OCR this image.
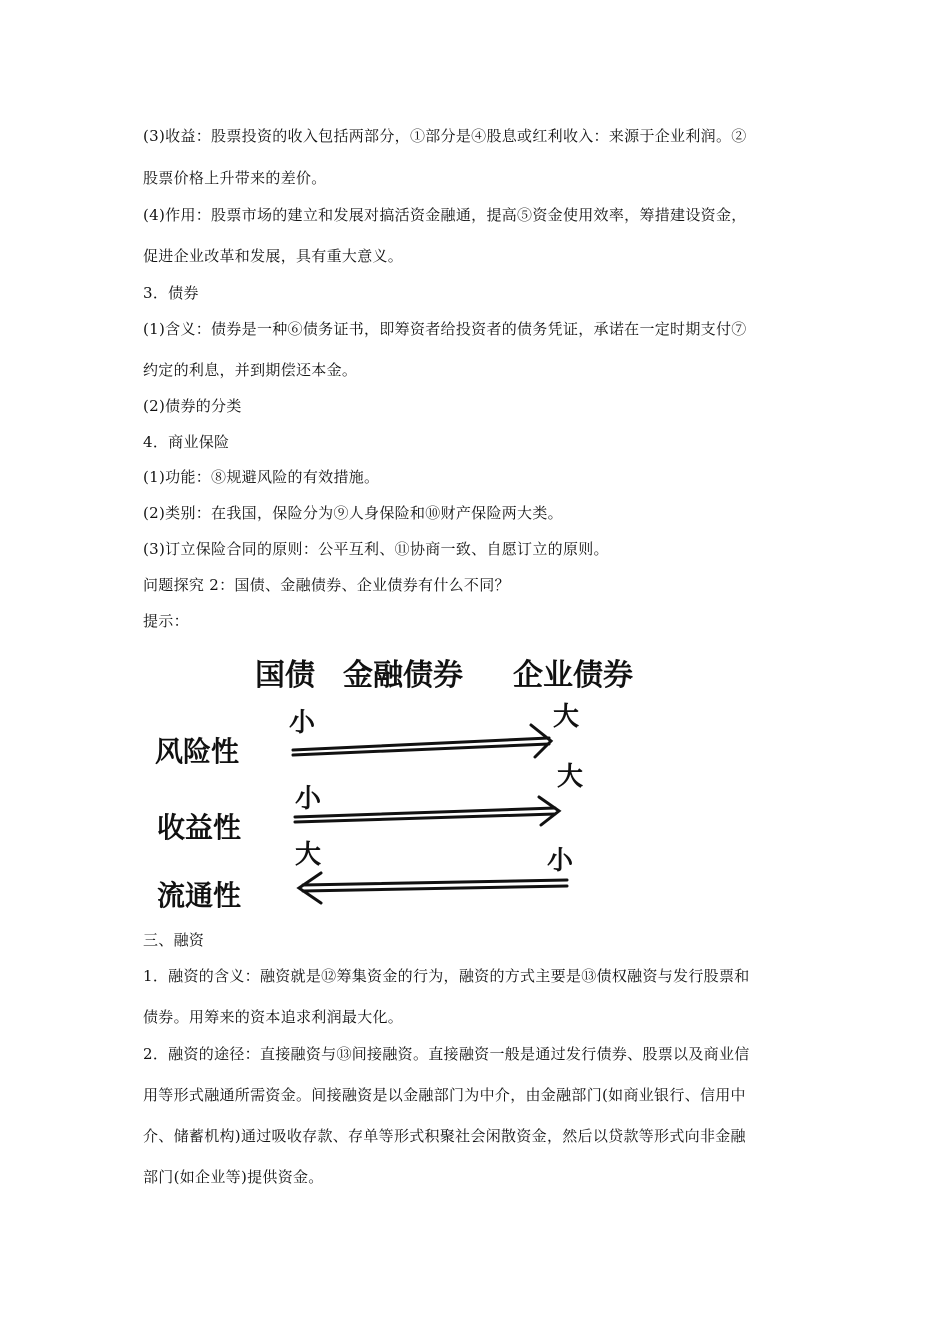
(3)收益：股票投资的收入包括两部分，①部分是④股息或红利收入：来源于企业利润。②
股票价格上升带来的差价。
(4)作用：股票市场的建立和发展对搞活资金融通，提高⑤资金使用效率，筹措建设资金，
促进企业改革和发展，具有重大意义。
3．债券
(1)含义：债券是一种⑥债务证书，即筹资者给投资者的债务凭证，承诺在一定时期支付⑦
约定的利息，并到期偿还本金。
(2)债券的分类
4．商业保险
(1)功能：⑧规避风险的有效措施。
(2)类别：在我国，保险分为⑨人身保险和⑩财产保险两大类。
(3)订立保险合同的原则：公平互利、⑪协商一致、自愿订立的原则。
问题探究 2：国债、金融债券、企业债券有什么不同？
提示：
国债 金融债券 企业债券
风险性
小	大
收益性
小
大
流通性
大	小
三、融资
1．融资的含义：融资就是⑫筹集资金的行为，融资的方式主要是⑬债权融资与发行股票和
债券。用筹来的资本追求利润最大化。
2．融资的途径：直接融资与⑬间接融资。直接融资一般是通过发行债券、股票以及商业信
用等形式融通所需资金。间接融资是以金融部门为中介，由金融部门(如商业银行、信用中
介、储蓄机构)通过吸收存款、存单等形式积聚社会闲散资金，然后以贷款等形式向非金融
部门(如企业等)提供资金。
